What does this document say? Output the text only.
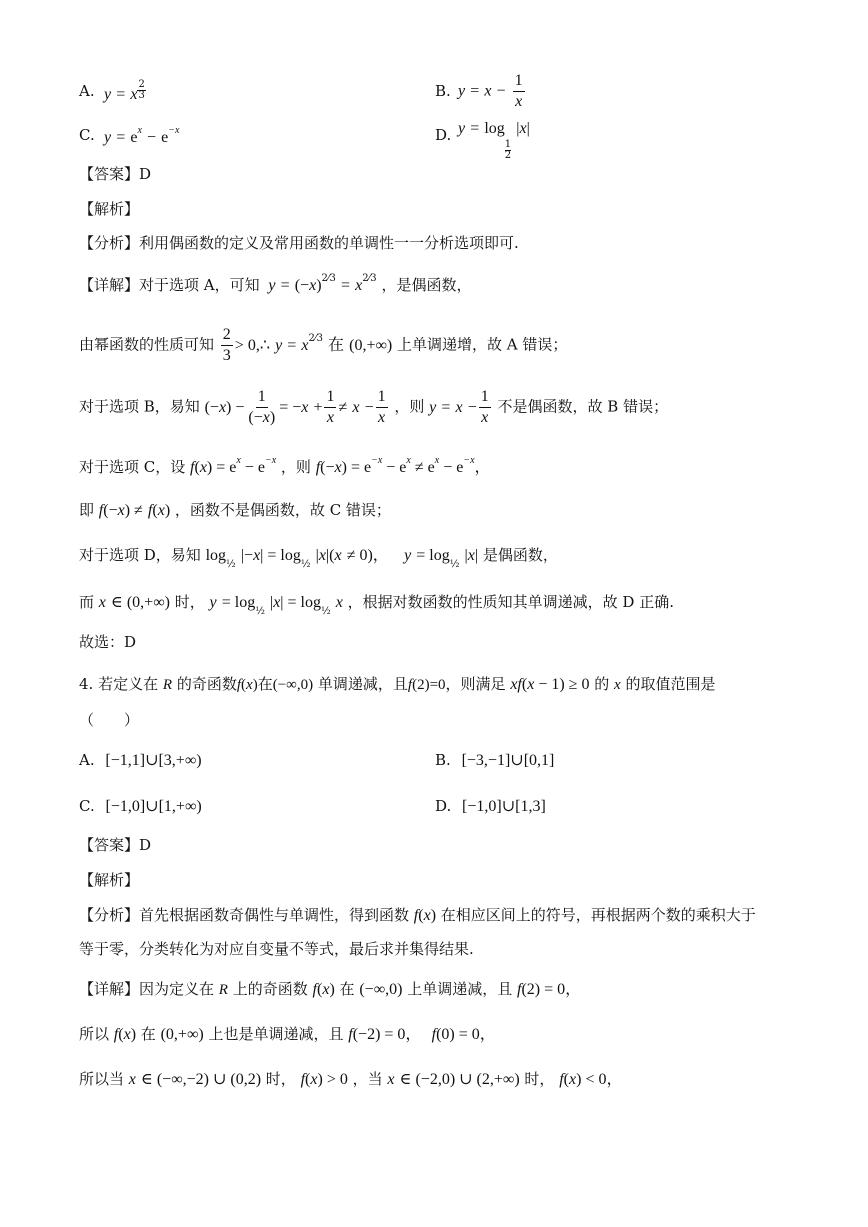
A. y = x $\frac{2}{3}$	B. $y = x - \frac{1}{x}$
C. $y = e^x - e^{-x}$	D. y = log
$\frac{1}{2}$
|x|
【答案】D
【解析】
【分析】利用偶函数的定义及常用函数的单调性一一分析选项即可.
【详解】对于选项 A，可知 $y = (-x)^{2⁄3} = x^{2⁄3}$ ，是偶函数，
由幂函数的性质可知 $\frac{2}{3}$ > 0,∴ $y = x^{2⁄3}$ 在 (0,+∞) 上单调递增，故 A 错误；
对于选项 B，易知 $(-x) - \frac{1}{(-x)} = -x + \frac{1}{x} \ne x - \frac{1}{x}$ ，则 $y = x - \frac{1}{x}$ 不是偶函数，故 B 错误；
对于选项 C，设 $f(x) = e^x - e^{-x}$ ，则 $f(-x) = e^{-x} - e^x \ne e^x - e^{-x}$，
即 f(−x) ≠ f(x) ，函数不是偶函数，故 C 错误；
对于选项 D，易知 $\log_{\frac{1}{2}} |-x| = \log_{\frac{1}{2}} |x|(x \ne 0)$，   $y = \log_{\frac{1}{2}} |x|$ 是偶函数，
而 x ∈ (0,+∞) 时， $y = \log_{\frac{1}{2}} |x| = \log_{\frac{1}{2}} x$ ，根据对数函数的性质知其单调递减，故 D 正确.
故选：D
4. 若定义在 R 的奇函数f(x)在(−∞,0) 单调递减，且f(2)=0，则满足 xf(x − 1) ≥ 0 的 x 的取值范围是
（　　）
A. [−1,1]∪[3,+∞)	B. [−3,−1]∪[0,1]
C. [−1,0]∪[1,+∞)	D. [−1,0]∪[1,3]
【答案】D
【解析】
【分析】首先根据函数奇偶性与单调性，得到函数 f(x) 在相应区间上的符号，再根据两个数的乘积大于
等于零，分类转化为对应自变量不等式，最后求并集得结果.
【详解】因为定义在 R 上的奇函数 f(x) 在 (−∞,0) 上单调递减，且 f(2) = 0，
所以 f(x) 在 (0,+∞) 上也是单调递减，且 f(−2) = 0，  f(0) = 0，
所以当 x ∈ (−∞,−2) ∪ (0,2) 时， f(x) > 0 ，当 x ∈ (−2,0) ∪ (2,+∞) 时， f(x) < 0，
